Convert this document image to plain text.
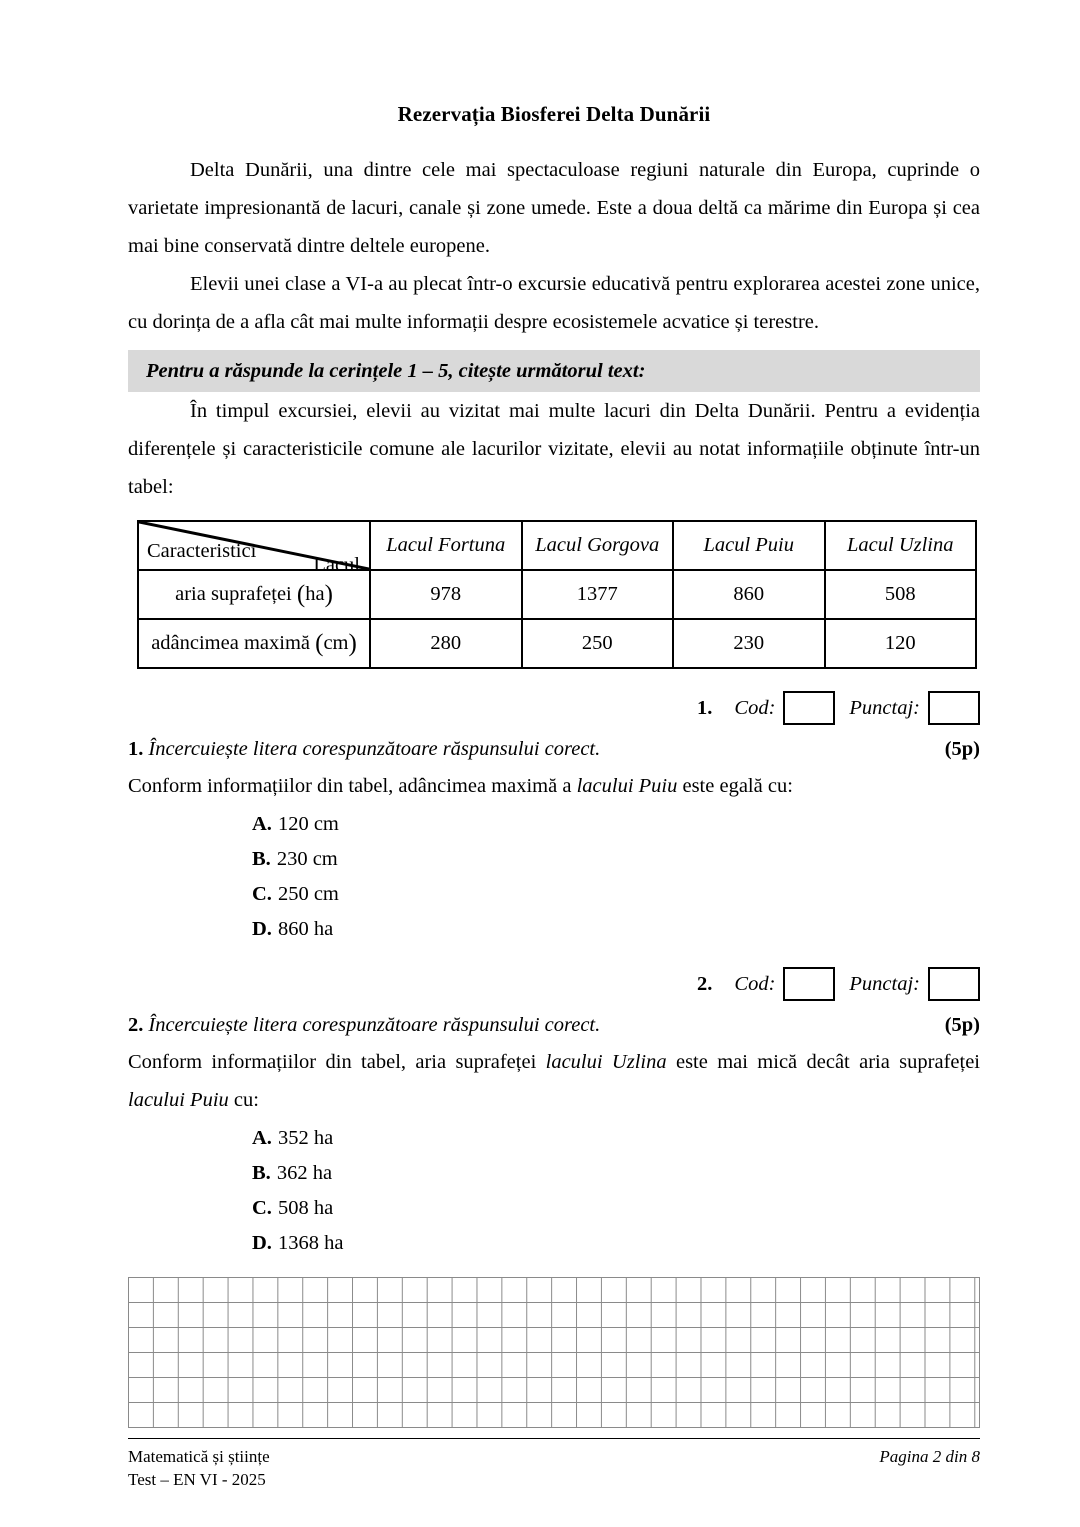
Rezervația Biosferei Delta Dunării

Delta Dunării, una dintre cele mai spectaculoase regiuni naturale din Europa, cuprinde o varietate impresionantă de lacuri, canale și zone umede. Este a doua deltă ca mărime din Europa și cea mai bine conservată dintre deltele europene.

Elevii unei clase a VI-a au plecat într-o excursie educativă pentru explorarea acestei zone unice, cu dorința de a afla cât mai multe informații despre ecosistemele acvatice și terestre.

Pentru a răspunde la cerințele 1 – 5, citește următorul text:

În timpul excursiei, elevii au vizitat mai multe lacuri din Delta Dunării. Pentru a evidenția diferențele și caracteristicile comune ale lacurilor vizitate, elevii au notat informațiile obținute într-un tabel:

Lacul
Caracteristici	Lacul Fortuna	Lacul Gorgova	Lacul Puiu	Lacul Uzlina
aria suprafeței (ha)	978	1377	860	508
adâncimea maximă (cm)	280	250	230	120
1. Cod:	Punctaj:
1. Încercuiește litera corespunzătoare răspunsului corect.	(5p)

Conform informațiilor din tabel, adâncimea maximă a lacului Puiu este egală cu:

A. 120 cm
B. 230 cm
C. 250 cm
D. 860 ha
2. Cod:	Punctaj:
2. Încercuiește litera corespunzătoare răspunsului corect.	(5p)

Conform informațiilor din tabel, aria suprafeței lacului Uzlina este mai mică decât aria suprafeței lacului Puiu cu:

A. 352 ha
B. 362 ha
C. 508 ha
D. 1368 ha
Matematică și științe
Test – EN VI - 2025
Pagina 2 din 8
